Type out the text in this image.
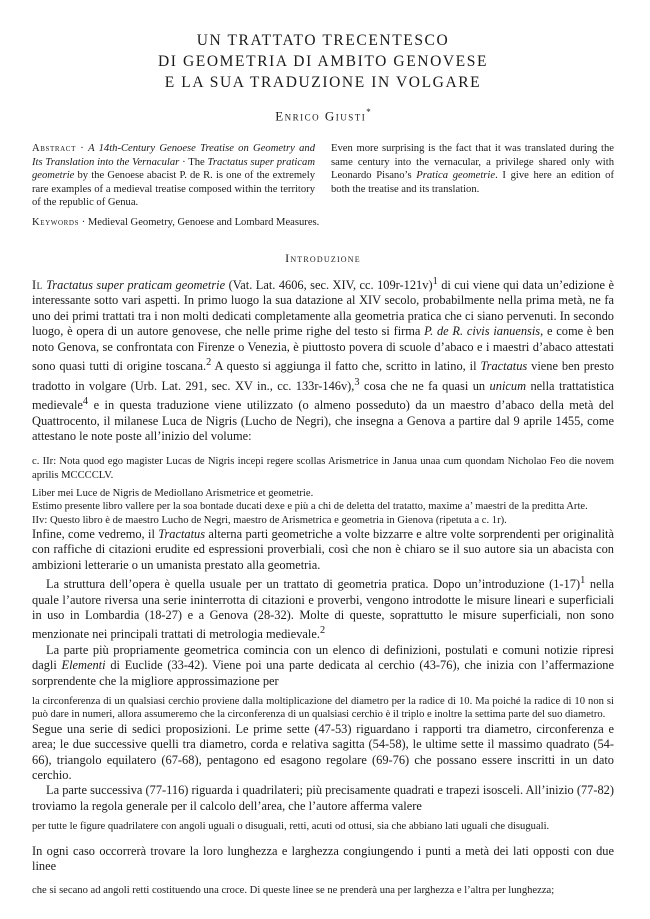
UN TRATTATO TRECENTESCO
DI GEOMETRIA DI AMBITO GENOVESE
E LA SUA TRADUZIONE IN VOLGARE
Enrico Giusti*
Abstract · A 14th-Century Genoese Treatise on Geometry and Its Translation into the Vernacular · The Tractatus super praticam geometrie by the Genoese abacist P. de R. is one of the extremely rare examples of a medieval treatise composed within the territory of the republic of Genua.
Even more surprising is the fact that it was translated during the same century into the vernacular, a privilege shared only with Leonardo Pisano’s Pratica geometrie. I give here an edition of both the treatise and its translation.
Keywords · Medieval Geometry, Genoese and Lombard Measures.
Introduzione

Il Tractatus super praticam geometrie (Vat. Lat. 4606, sec. XIV, cc. 109r-121v)$^1$ di cui viene qui data un’edizione è interessante sotto vari aspetti. In primo luogo la sua datazione al XIV secolo, probabilmente nella prima metà, ne fa uno dei primi trattati tra i non molti dedicati completamente alla geometria pratica che ci siano pervenuti. In secondo luogo, è opera di un autore genovese, che nelle prime righe del testo si firma P. de R. civis ianuensis, e come è ben noto Genova, se confrontata con Firenze o Venezia, è piuttosto povera di scuole d’abaco e i maestri d’abaco attestati sono quasi tutti di origine toscana.$^2$ A questo si aggiunga il fatto che, scritto in latino, il Tractatus viene ben presto tradotto in volgare (Urb. Lat. 291, sec. XV in., cc. 133r-146v),$^3$ cosa che ne fa quasi un unicum nella trattatistica medievale$^4$ e in questa traduzione viene utilizzato (o almeno posseduto) da un maestro d’abaco della metà del Quattrocento, il milanese Luca de Nigris (Lucho de Negri), che insegna a Genova a partire dal 9 aprile 1455, come attestano le note poste all’inizio del volume:

c. IIr: Nota quod ego magister Lucas de Nigris incepi regere scollas Arismetrice in Janua unaa cum quondam Nicholao Feo die novem aprilis MCCCCLV.

Liber mei Luce de Nigris de Mediollano Arismetrice et geometrie.

Estimo presente libro vallere per la soa bontade ducati dexe e più a chi de deletta del tratatto, maxime a’ maestri de la preditta Arte.

IIv: Questo libro è de maestro Lucho de Negri, maestro de Arismetrica e geometria in Gienova (ripetuta a c. 1r).

Infine, come vedremo, il Tractatus alterna parti geometriche a volte bizzarre e altre volte sorprendenti per originalità con raffiche di citazioni erudite ed espressioni proverbiali, così che non è chiaro se il suo autore sia un abacista con ambizioni letterarie o un umanista prestato alla geometria.

La struttura dell’opera è quella usuale per un trattato di geometria pratica. Dopo un’introduzione $(1-17)^1$ nella quale l’autore riversa una serie ininterrotta di citazioni e proverbi, vengono introdotte le misure lineari e superficiali in uso in Lombardia (18-27) e a Genova (28-32). Molte di queste, soprattutto le misure superficiali, non sono menzionate nei principali trattati di metrologia medievale.$^2$

La parte più propriamente geometrica comincia con un elenco di definizioni, postulati e comuni notizie ripresi dagli Elementi di Euclide (33-42). Viene poi una parte dedicata al cerchio (43-76), che inizia con l’affermazione sorprendente che la migliore approssimazione per

la circonferenza di un qualsiasi cerchio proviene dalla moltiplicazione del diametro per la radice di 10. Ma poiché la radice di 10 non si può dare in numeri, allora assumeremo che la circonferenza di un qualsiasi cerchio è il triplo e inoltre la settima parte del suo diametro.

Segue una serie di sedici proposizioni. Le prime sette (47-53) riguardano i rapporti tra diametro, circonferenza e area; le due successive quelli tra diametro, corda e relativa sagitta (54-58), le ultime sette il massimo quadrato (54-66), triangolo equilatero (67-68), pentagono ed esagono regolare (69-76) che possano essere inscritti in un dato cerchio.

La parte successiva (77-116) riguarda i quadrilateri; più precisamente quadrati e trapezi isosceli. All’inizio (77-82) troviamo la regola generale per il calcolo dell’area, che l’autore afferma valere

per tutte le figure quadrilatere con angoli uguali o disuguali, retti, acuti od ottusi, sia che abbiano lati uguali che disuguali.

In ogni caso occorrerà trovare la loro lunghezza e larghezza congiungendo i punti a metà dei lati opposti con due linee

che si secano ad angoli retti costituendo una croce. Di queste linee se ne prenderà una per larghezza e l’altra per lunghezza;
